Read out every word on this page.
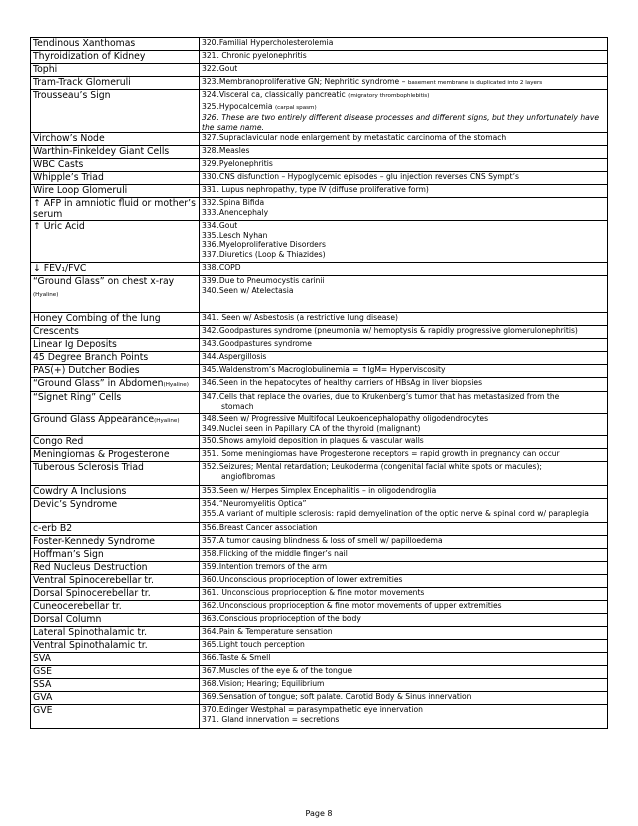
Tendinous Xanthomas	320.Familial Hypercholesterolemia

Thyroidization of Kidney	321. Chronic pyelonephritis

Tophi	322.Gout

Tram-Track Glomeruli	323.Membranoproliferative GN; Nephritic syndrome – basement membrane is duplicated into 2 layers

Trousseau’s Sign	324.Visceral ca, classically pancreatic (migratory thrombophlebitis)
325.Hypocalcemia (carpal spasm)
326. These are two entirely different disease processes and different signs, but they unfortunately have the same name.

Virchow’s Node	327.Supraclavicular node enlargement by metastatic carcinoma of the stomach

Warthin-Finkeldey Giant Cells	328.Measles

WBC Casts	329.Pyelonephritis

Whipple’s Triad	330.CNS disfunction – Hypoglycemic episodes – glu injection reverses CNS Sympt’s

Wire Loop Glomeruli	331. Lupus nephropathy, type IV (diffuse proliferative form)

↑ AFP in amniotic fluid or mother’s serum	332.Spina Bifida
333.Anencephaly

↑ Uric Acid	334.Gout
335.Lesch Nyhan
336.Myeloproliferative Disorders
337.Diuretics (Loop & Thiazides)

↓ FEV₁/FVC	338.COPD

“Ground Glass” on chest x-ray
(Hyaline)	339.Due to Pneumocystis carinii
340.Seen w/ Atelectasia

Honey Combing of the lung	341. Seen w/ Asbestosis (a restrictive lung disease)

Crescents	342.Goodpastures syndrome (pneumonia w/ hemoptysis & rapidly progressive glomerulonephritis)

Linear Ig Deposits	343.Goodpastures syndrome

45 Degree Branch Points	344.Aspergillosis

PAS(+) Dutcher Bodies	345.Waldenstrom’s Macroglobulinemia = ↑IgM= Hyperviscosity

“Ground Glass” in Abdomen(Hyaline)	346.Seen in the hepatocytes of healthy carriers of HBsAg in liver biopsies

“Signet Ring” Cells	347.Cells that replace the ovaries, due to Krukenberg’s tumor that has metastasized from the
stomach

Ground Glass Appearance(Hyaline)	348.Seen w/ Progressive Multifocal Leukoencephalopathy oligodendrocytes
349.Nuclei seen in Papillary CA of the thyroid (malignant)

Congo Red	350.Shows amyloid deposition in plaques & vascular walls

Meningiomas & Progesterone	351. Some meningiomas have Progesterone receptors = rapid growth in pregnancy can occur

Tuberous Sclerosis Triad	352.Seizures; Mental retardation; Leukoderma (congenital facial white spots or macules);
angiofibromas

Cowdry A Inclusions	353.Seen w/ Herpes Simplex Encephalitis – in oligodendroglia

Devic’s Syndrome	354.“Neuromyelitis Optica”
355.A variant of multiple sclerosis: rapid demyelination of the optic nerve & spinal cord w/ paraplegia

c-erb B2	356.Breast Cancer association

Foster-Kennedy Syndrome	357.A tumor causing blindness & loss of smell w/ papilloedema

Hoffman’s Sign	358.Flicking of the middle finger’s nail

Red Nucleus Destruction	359.Intention tremors of the arm

Ventral Spinocerebellar tr.	360.Unconscious proprioception of lower extremities

Dorsal Spinocerebellar tr.	361. Unconscious proprioception & fine motor movements

Cuneocerebellar tr.	362.Unconscious proprioception & fine motor movements of upper extremities

Dorsal Column	363.Conscious proprioception of the body

Lateral Spinothalamic tr.	364.Pain & Temperature sensation

Ventral Spinothalamic tr.	365.Light touch perception

SVA	366.Taste & Smell

GSE	367.Muscles of the eye & of the tongue

SSA	368.Vision; Hearing; Equilibrium

GVA	369.Sensation of tongue; soft palate. Carotid Body & Sinus innervation

GVE	370.Edinger Westphal = parasympathetic eye innervation
371. Gland innervation = secretions
Page 8
